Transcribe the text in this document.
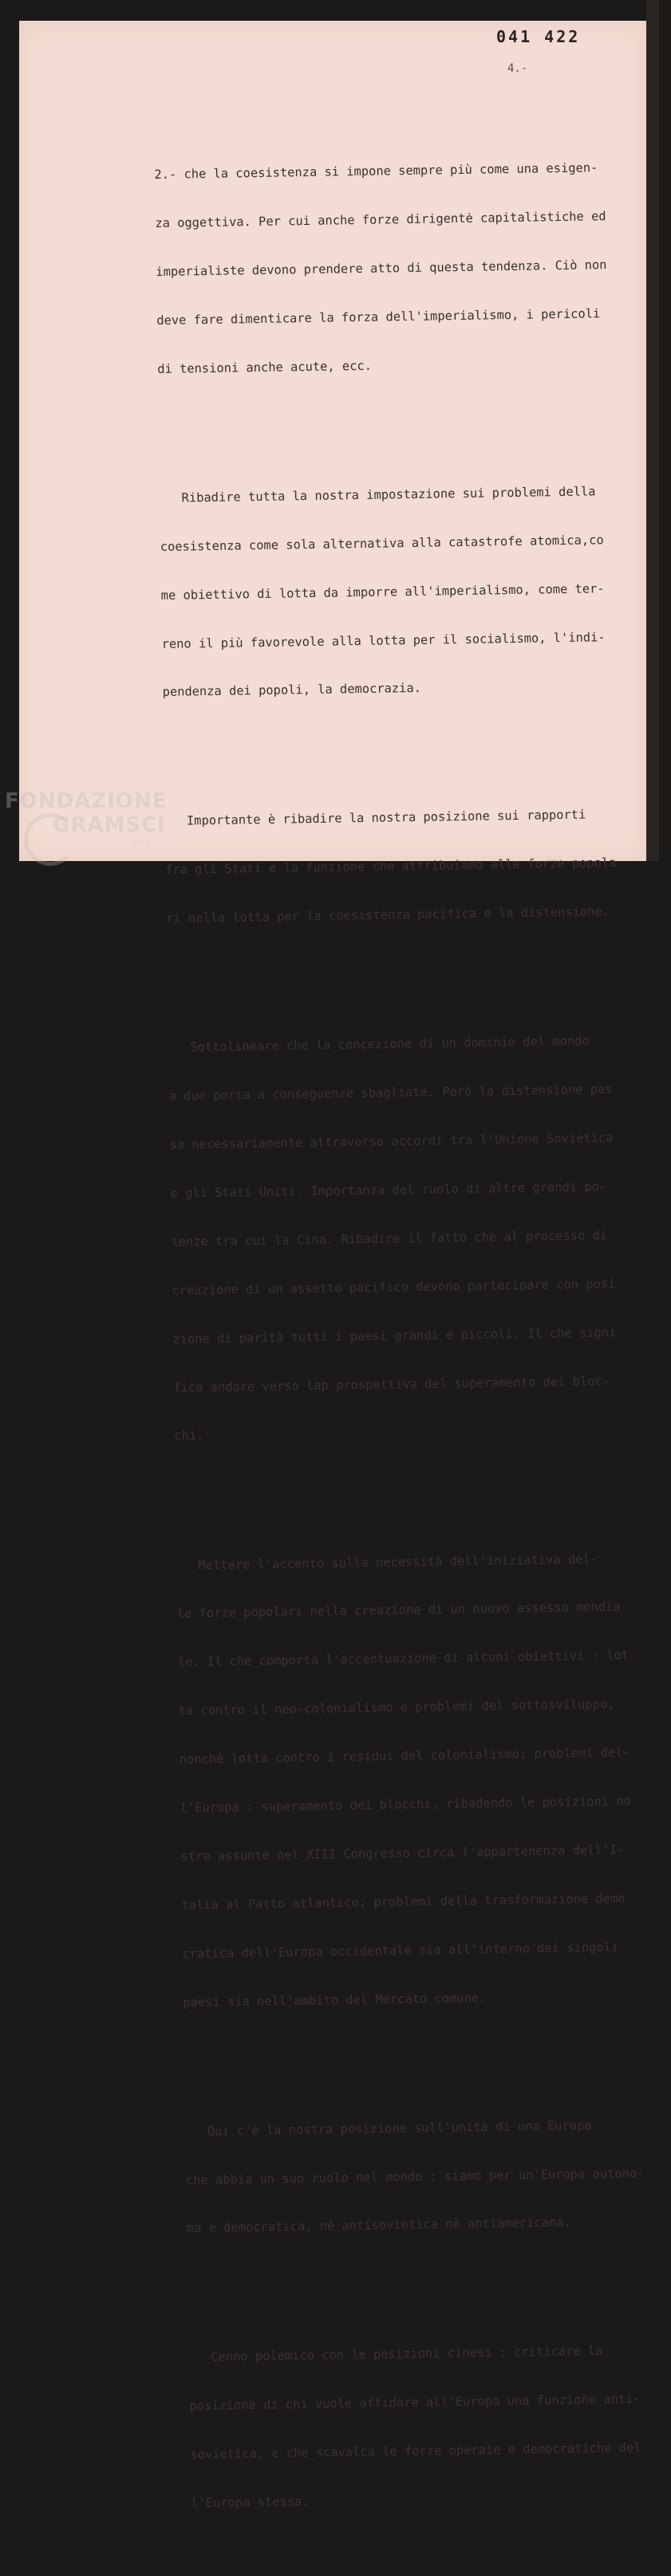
041 422
4.-

2.- che la coesistenza si impone sempre più come una esigen-

za oggettiva. Per cui anche forze dirigentė capitalistiche ed

imperialiste devono prendere atto di questa tendenza. Ciò non

deve fare dimenticare la forza dell'imperialismo, i pericoli

di tensioni anche acute, ecc.

Ribadire tutta la nostra impostazione sui problemi della

coesistenza come sola alternativa alla catastrofe atomica,co

me obiettivo di lotta da imporre all'imperialismo, come ter-

reno il più favorevole alla lotta per il socialismo, l'indi-

pendenza dei popoli, la democrazia.

Importante è ribadire la nostra posizione sui rapporti

fra gli Stati e la funzione che attribuiamo alle forze popola

ri nella lotta per la coesistenza pacifica e la distensione.

Sottolineare che la concezione di un dominio del mondo

a due porta a conseguenze sbagliate. Però la distensione pas

sa necessariamente attraverso accordi tra l'Unione Sovietica

e gli Stati Uniti. Importanza del ruolo di altre grandi po-

tenze tra cui la Cina. Ribadire il fatto che al processo di

creazione di un assetto pacifico devono partecipare con posi

zione di parità tutti i paesi grandi e piccoli. Il che signi

fica andare verso lap prospettiva del superamento dei bloc-

chi.

Mettere l'accento sulla necessità dell'iniziativa del-

le forze popolari nella creazione di un nuovo assesso mondia

le. Il che comporta l'accentuazione di alcuni obiettivi : lot

ta contro il neo-colonialismo e problemi del sottosviluppo,

nonchè lotta contro i residui del colonialismo; problemi del-

l'Europa : superamento dei blocchi, ribadendo le posizioni no

stre assunte nel XIII Congresso circa l'appartenenza dell'I-

talia al Patto atlantico; problemi della trasformazione demo

cratica dell'Europa occidentale sia all'interno dei singoli

paesi sia nell'ambito del Mercato comune.

Qui c'è la nostra posizione sull'unità di una Europa

che abbia un suo ruolo nel mondo : siamo per un'Europa autono-

ma e democratica, nè antisovietica nè antiamericana.

Cenno polemico con le posizioni cinesi : criticare la

posizione di chi vuole affidare all'Europa una funzione anti-

sovietica, e che scavalca le forze operaie e democratiche del

l'Europa stessa.

FONDAZIONE
GRAMSCI
onlus
